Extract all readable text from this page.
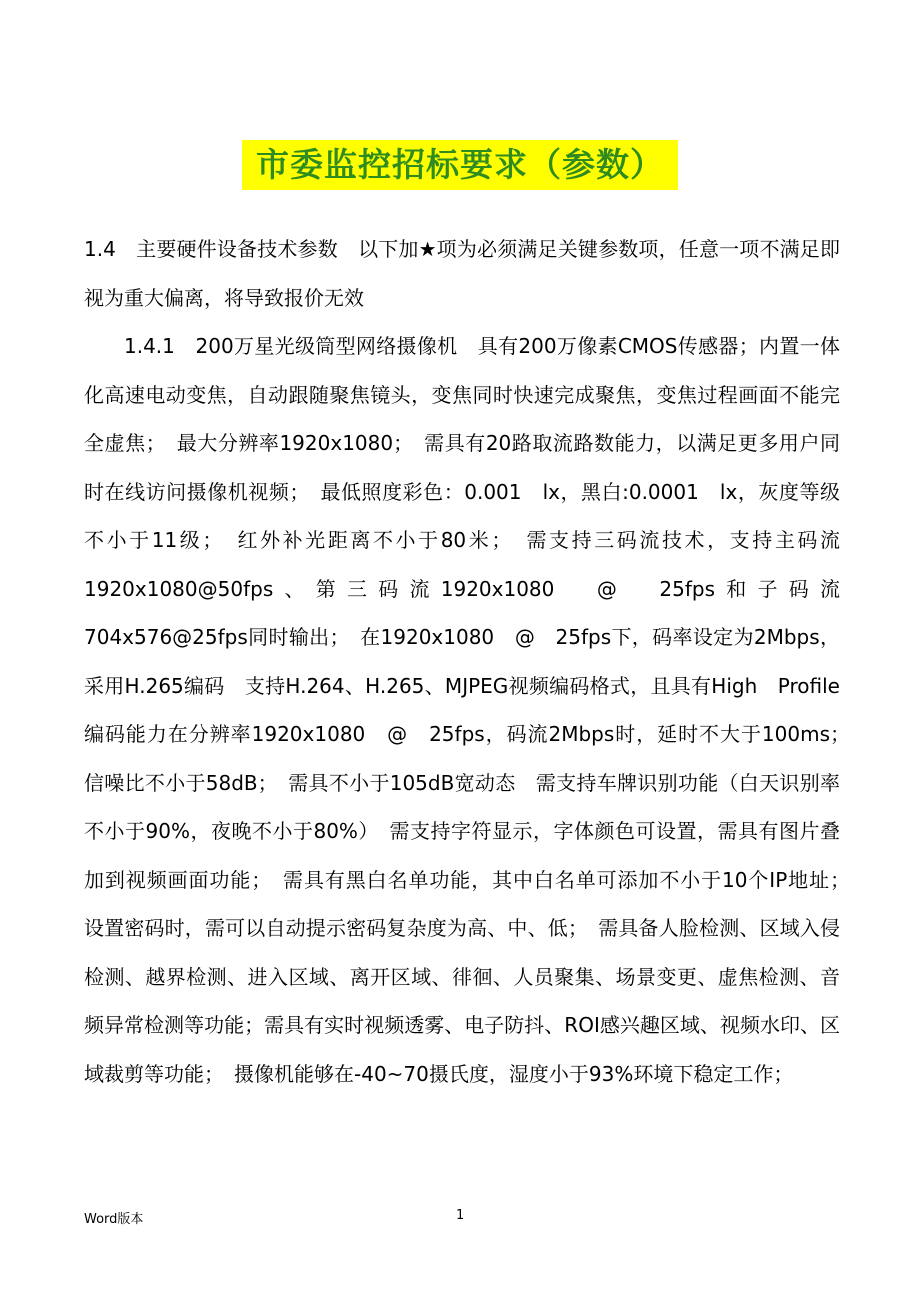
市委监控招标要求（参数）

1.4　主要硬件设备技术参数　以下加★项为必须满足关键参数项，任意一项不满足即视为重大偏离，将导致报价无效

1.4.1　200万星光级筒型网络摄像机　具有200万像素CMOS传感器；内置一体化高速电动变焦，自动跟随聚焦镜头，变焦同时快速完成聚焦，变焦过程画面不能完全虚焦；　最大分辨率1920x1080；　需具有20路取流路数能力，以满足更多用户同时在线访问摄像机视频；　最低照度彩色：0.001　lx，黑白:0.0001　lx，灰度等级不小于11级；　红外补光距离不小于80米；　需支持三码流技术，支持主码流1920x1080@50fps、第三码流1920x1080　@　25fps和子码流704x576@25fps同时输出；　在1920x1080　@　25fps下，码率设定为2Mbps，采用H.265编码　支持H.264、H.265、MJPEG视频编码格式，且具有High　Profile编码能力在分辨率1920x1080　@　25fps，码流2Mbps时，延时不大于100ms；　信噪比不小于58dB；　需具不小于105dB宽动态　需支持车牌识别功能（白天识别率不小于90%，夜晚不小于80%）　需支持字符显示，字体颜色可设置，需具有图片叠加到视频画面功能；　需具有黑白名单功能，其中白名单可添加不小于10个IP地址；　设置密码时，需可以自动提示密码复杂度为高、中、低；　需具备人脸检测、区域入侵检测、越界检测、进入区域、离开区域、徘徊、人员聚集、场景变更、虚焦检测、音频异常检测等功能；需具有实时视频透雾、电子防抖、ROI感兴趣区域、视频水印、区域裁剪等功能；　摄像机能够在-40~70摄氏度，湿度小于93%环境下稳定工作；

Word版本	1
